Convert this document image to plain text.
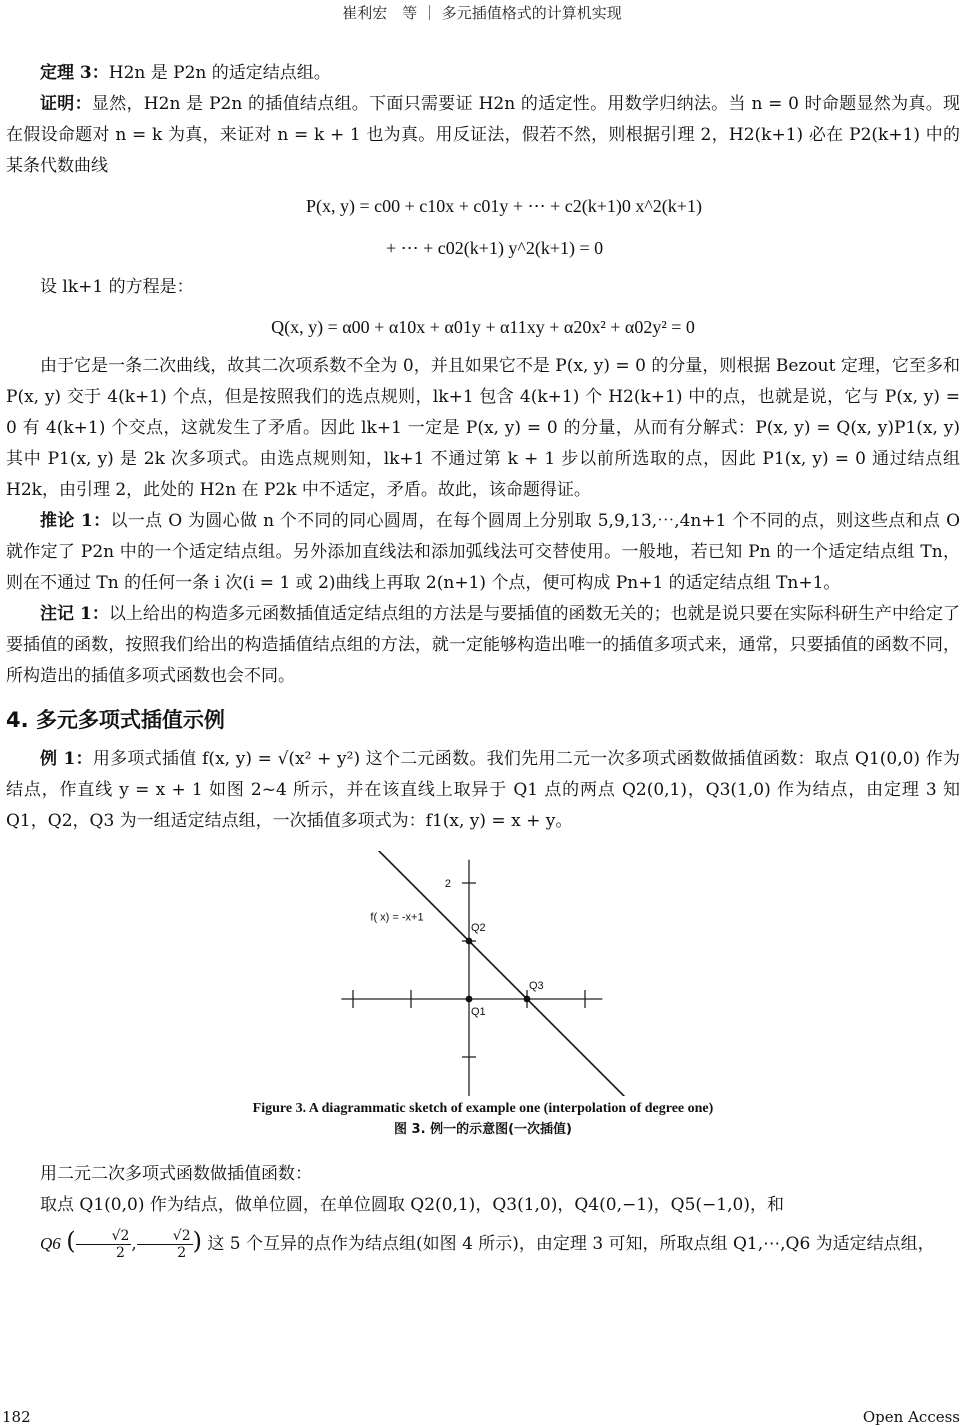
崔利宏　等 ｜ 多元插值格式的计算机实现

定理 3：H2n 是 P2n 的适定结点组。

证明：显然，H2n 是 P2n 的插值结点组。下面只需要证 H2n 的适定性。用数学归纳法。当 n = 0 时命题显然为真。现在假设命题对 n = k 为真，来证对 n = k + 1 也为真。用反证法，假若不然，则根据引理 2，H2(k+1) 必在 P2(k+1) 中的某条代数曲线

P(x, y) = c00 + c10x + c01y + ⋯ + c2(k+1)0 x^2(k+1)
+ ⋯ + c02(k+1) y^2(k+1) = 0

设 lk+1 的方程是：

Q(x, y) = α00 + α10x + α01y + α11xy + α20x² + α02y² = 0

由于它是一条二次曲线，故其二次项系数不全为 0，并且如果它不是 P(x, y) = 0 的分量，则根据 Bezout 定理，它至多和 P(x, y) 交于 4(k+1) 个点，但是按照我们的选点规则，lk+1 包含 4(k+1) 个 H2(k+1) 中的点，也就是说，它与 P(x, y) = 0 有 4(k+1) 个交点，这就发生了矛盾。因此 lk+1 一定是 P(x, y) = 0 的分量，从而有分解式：P(x, y) = Q(x, y)P1(x, y) 其中 P1(x, y) 是 2k 次多项式。由选点规则知，lk+1 不通过第 k + 1 步以前所选取的点，因此 P1(x, y) = 0 通过结点组 H2k，由引理 2，此处的 H2n 在 P2k 中不适定，矛盾。故此，该命题得证。

推论 1：以一点 O 为圆心做 n 个不同的同心圆周，在每个圆周上分别取 5,9,13,⋯,4n+1 个不同的点，则这些点和点 O 就作定了 P2n 中的一个适定结点组。另外添加直线法和添加弧线法可交替使用。一般地，若已知 Pn 的一个适定结点组 Tn，则在不通过 Tn 的任何一条 i 次(i = 1 或 2)曲线上再取 2(n+1) 个点，便可构成 Pn+1 的适定结点组 Tn+1。

注记 1：以上给出的构造多元函数插值适定结点组的方法是与要插值的函数无关的；也就是说只要在实际科研生产中给定了要插值的函数，按照我们给出的构造插值结点组的方法，就一定能够构造出唯一的插值多项式来，通常，只要插值的函数不同，所构造出的插值多项式函数也会不同。

4. 多元多项式插值示例

例 1：用多项式插值 f(x, y) = √(x² + y²) 这个二元函数。我们先用二元一次多项式函数做插值函数：取点 Q1(0,0) 作为结点，作直线 y = x + 1 如图 2~4 所示，并在该直线上取异于 Q1 点的两点 Q2(0,1)，Q3(1,0) 作为结点，由定理 3 知 Q1，Q2，Q3 为一组适定结点组，一次插值多项式为：f1(x, y) = x + y。

2
f( x) = -x+1
Q1
Q2
Q3

Figure 3. A diagrammatic sketch of example one (interpolation of degree one)

图 3. 例一的示意图(一次插值)

用二元二次多项式函数做插值函数：

取点 Q1(0,0) 作为结点，做单位圆，在单位圆取 Q2(0,1)，Q3(1,0)，Q4(0,−1)，Q5(−1,0)，和

Q6 ( $\frac{√2}{2}$ , $\frac{√2}{2}$ ) 这 5 个互异的点作为结点组(如图 4 所示)，由定理 3 可知，所取点组 Q1,⋯,Q6 为适定结点组，

182	Open Access
